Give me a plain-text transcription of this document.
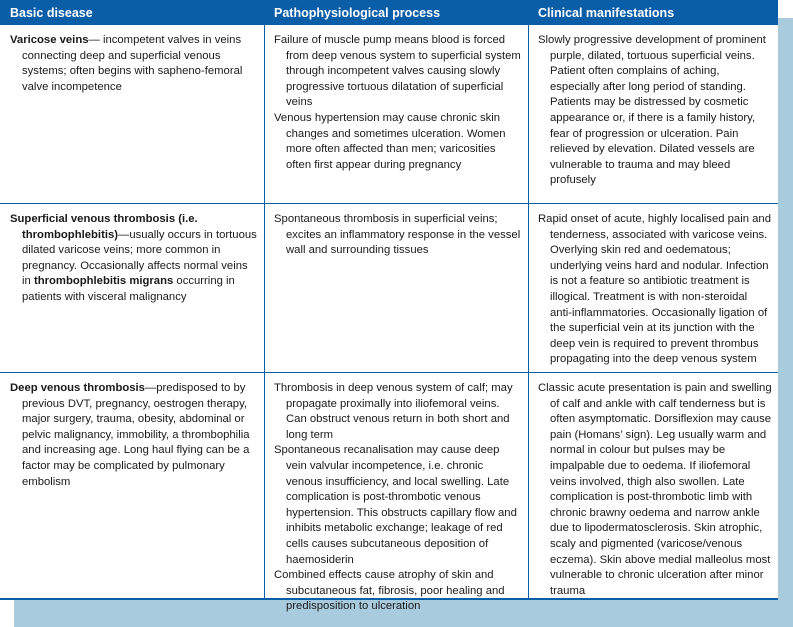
Basic disease	Pathophysiological process	Clinical manifestations

Varicose veins— incompetent valves in veins connecting deep and superficial venous systems; often begins with sapheno-femoral valve incompetence

Failure of muscle pump means blood is forced from deep venous system to superficial system through incompetent valves causing slowly progressive tortuous dilatation of superficial veins

Venous hypertension may cause chronic skin changes and sometimes ulceration. Women more often affected than men; varicosities often first appear during pregnancy

Slowly progressive development of prominent purple, dilated, tortuous superficial veins. Patient often complains of aching, especially after long period of standing. Patients may be distressed by cosmetic appearance or, if there is a family history, fear of progression or ulceration. Pain relieved by elevation. Dilated vessels are vulnerable to trauma and may bleed profusely

Superficial venous thrombosis (i.e. thrombophlebitis)—usually occurs in tortuous dilated varicose veins; more common in pregnancy. Occasionally affects normal veins in thrombophlebitis migrans occurring in patients with visceral malignancy

Spontaneous thrombosis in superficial veins; excites an inflammatory response in the vessel wall and surrounding tissues

Rapid onset of acute, highly localised pain and tenderness, associated with varicose veins. Overlying skin red and oedematous; underlying veins hard and nodular. Infection is not a feature so antibiotic treatment is illogical. Treatment is with non-steroidal anti-inflammatories. Occasionally ligation of the superficial vein at its junction with the deep vein is required to prevent thrombus propagating into the deep venous system

Deep venous thrombosis—predisposed to by previous DVT, pregnancy, oestrogen therapy, major surgery, trauma, obesity, abdominal or pelvic malignancy, immobility, a thrombophilia and increasing age. Long haul flying can be a factor may be complicated by pulmonary embolism

Thrombosis in deep venous system of calf; may propagate proximally into iliofemoral veins. Can obstruct venous return in both short and long term

Spontaneous recanalisation may cause deep vein valvular incompetence, i.e. chronic venous insufficiency, and local swelling. Late complication is post-thrombotic venous hypertension. This obstructs capillary flow and inhibits metabolic exchange; leakage of red cells causes subcutaneous deposition of haemosiderin

Combined effects cause atrophy of skin and subcutaneous fat, fibrosis, poor healing and predisposition to ulceration

Classic acute presentation is pain and swelling of calf and ankle with calf tenderness but is often asymptomatic. Dorsiflexion may cause pain (Homans’ sign). Leg usually warm and normal in colour but pulses may be impalpable due to oedema. If iliofemoral veins involved, thigh also swollen. Late complication is post-thrombotic limb with chronic brawny oedema and narrow ankle due to lipodermatosclerosis. Skin atrophic, scaly and pigmented (varicose/venous eczema). Skin above medial malleolus most vulnerable to chronic ulceration after minor trauma
